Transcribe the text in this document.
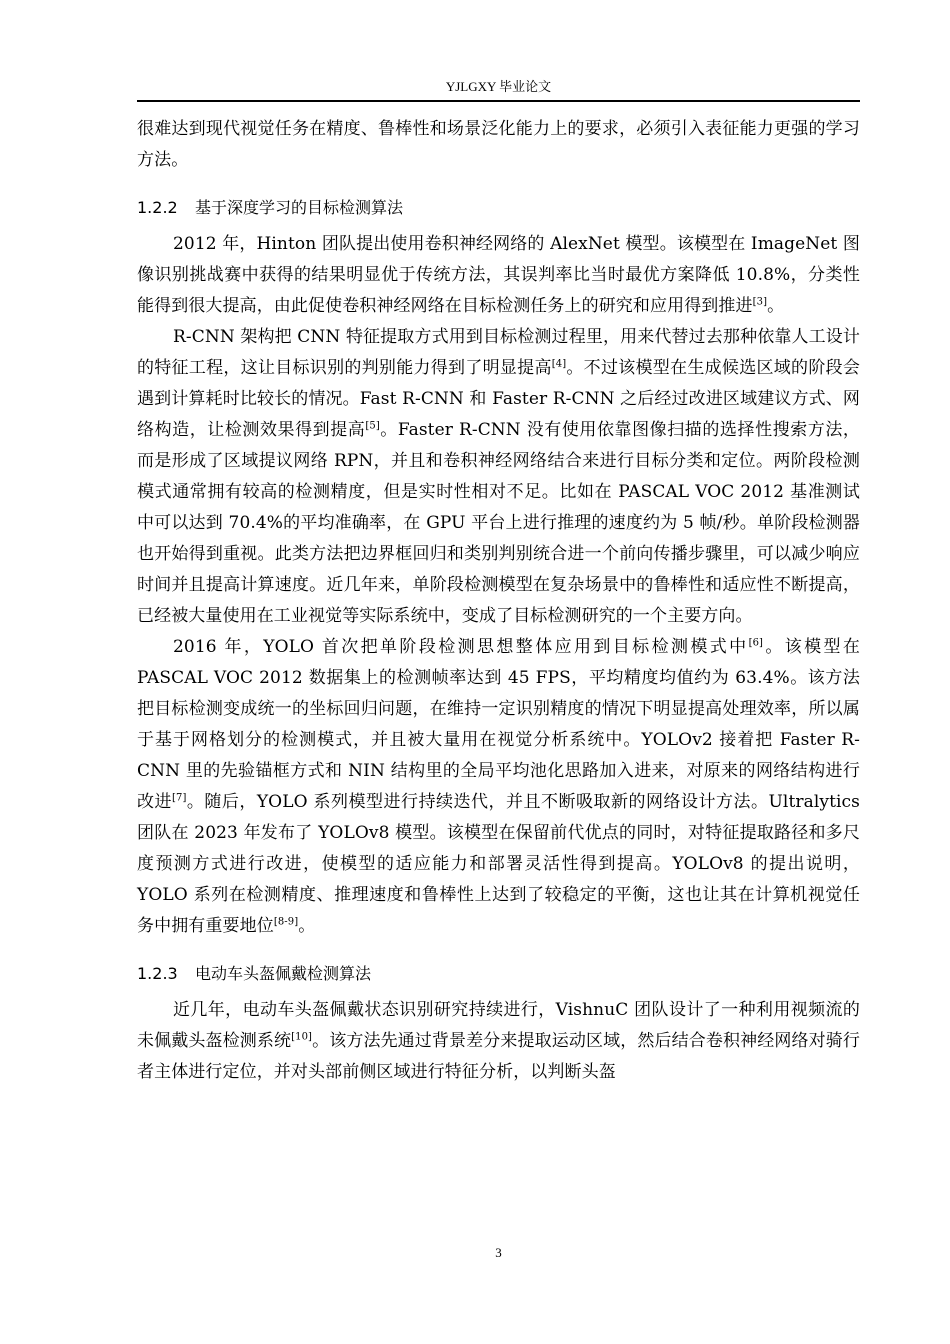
YJLGXY 毕业论文

很难达到现代视觉任务在精度、鲁棒性和场景泛化能力上的要求，必须引入表征能力更强的学习方法。

1.2.2 基于深度学习的目标检测算法

2012 年，Hinton 团队提出使用卷积神经网络的 AlexNet 模型。该模型在 ImageNet 图像识别挑战赛中获得的结果明显优于传统方法，其误判率比当时最优方案降低 10.8%，分类性能得到很大提高，由此促使卷积神经网络在目标检测任务上的研究和应用得到推进[3]。

R-CNN 架构把 CNN 特征提取方式用到目标检测过程里，用来代替过去那种依靠人工设计的特征工程，这让目标识别的判别能力得到了明显提高[4]。不过该模型在生成候选区域的阶段会遇到计算耗时比较长的情况。Fast R-CNN 和 Faster R-CNN 之后经过改进区域建议方式、网络构造，让检测效果得到提高[5]。Faster R-CNN 没有使用依靠图像扫描的选择性搜索方法，而是形成了区域提议网络 RPN，并且和卷积神经网络结合来进行目标分类和定位。两阶段检测模式通常拥有较高的检测精度，但是实时性相对不足。比如在 PASCAL VOC 2012 基准测试中可以达到 70.4%的平均准确率，在 GPU 平台上进行推理的速度约为 5 帧/秒。单阶段检测器也开始得到重视。此类方法把边界框回归和类别判别统合进一个前向传播步骤里，可以减少响应时间并且提高计算速度。近几年来，单阶段检测模型在复杂场景中的鲁棒性和适应性不断提高，已经被大量使用在工业视觉等实际系统中，变成了目标检测研究的一个主要方向。

2016 年，YOLO 首次把单阶段检测思想整体应用到目标检测模式中[6]。该模型在 PASCAL VOC 2012 数据集上的检测帧率达到 45 FPS，平均精度均值约为 63.4%。该方法把目标检测变成统一的坐标回归问题，在维持一定识别精度的情况下明显提高处理效率，所以属于基于网格划分的检测模式，并且被大量用在视觉分析系统中。YOLOv2 接着把 Faster R-CNN 里的先验锚框方式和 NIN 结构里的全局平均池化思路加入进来，对原来的网络结构进行改进[7]。随后，YOLO 系列模型进行持续迭代，并且不断吸取新的网络设计方法。Ultralytics 团队在 2023 年发布了 YOLOv8 模型。该模型在保留前代优点的同时，对特征提取路径和多尺度预测方式进行改进，使模型的适应能力和部署灵活性得到提高。YOLOv8 的提出说明，YOLO 系列在检测精度、推理速度和鲁棒性上达到了较稳定的平衡，这也让其在计算机视觉任务中拥有重要地位[8-9]。

1.2.3 电动车头盔佩戴检测算法

近几年，电动车头盔佩戴状态识别研究持续进行，VishnuC 团队设计了一种利用视频流的未佩戴头盔检测系统[10]。该方法先通过背景差分来提取运动区域，然后结合卷积神经网络对骑行者主体进行定位，并对头部前侧区域进行特征分析，以判断头盔

3
